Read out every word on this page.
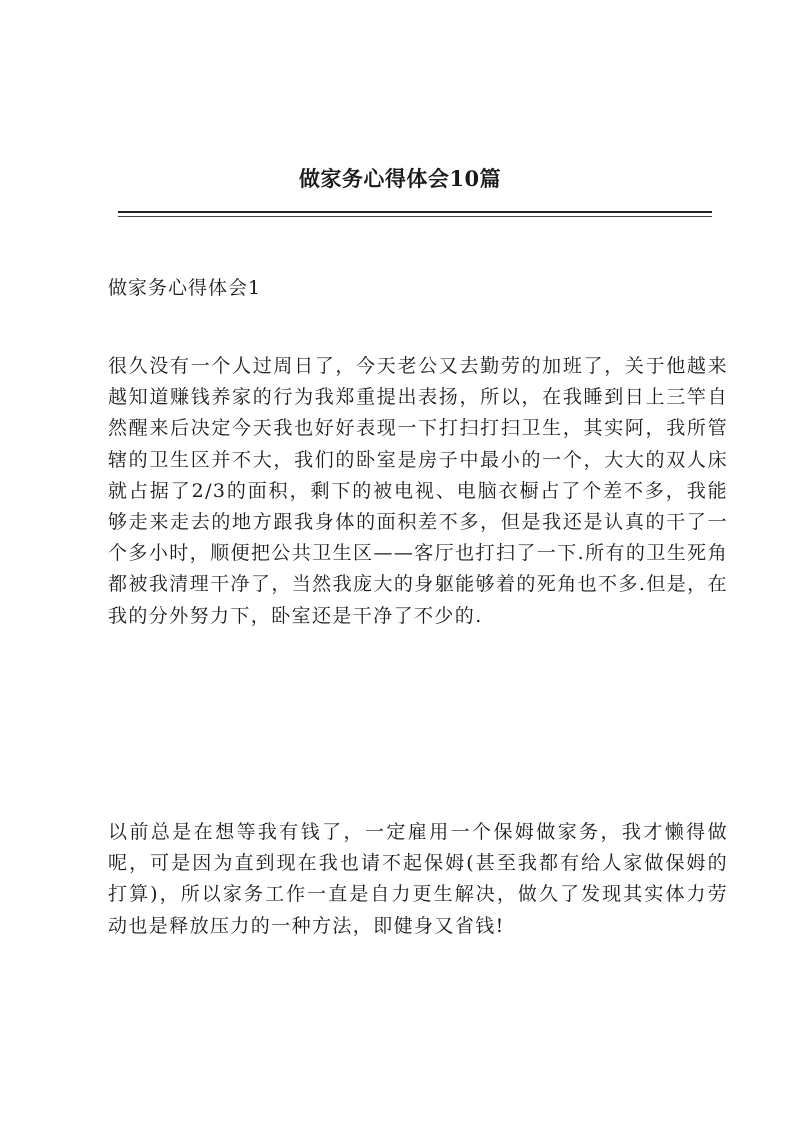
做家务心得体会10篇
做家务心得体会1

很久没有一个人过周日了，今天老公又去勤劳的加班了，关于他越来越知道赚钱养家的行为我郑重提出表扬，所以，在我睡到日上三竿自然醒来后决定今天我也好好表现一下打扫打扫卫生，其实阿，我所管辖的卫生区并不大，我们的卧室是房子中最小的一个，大大的双人床就占据了2/3的面积，剩下的被电视、电脑衣橱占了个差不多，我能够走来走去的地方跟我身体的面积差不多，但是我还是认真的干了一个多小时，顺便把公共卫生区——客厅也打扫了一下.所有的卫生死角都被我清理干净了，当然我庞大的身躯能够着的死角也不多.但是，在我的分外努力下，卧室还是干净了不少的.

以前总是在想等我有钱了，一定雇用一个保姆做家务，我才懒得做呢，可是因为直到现在我也请不起保姆(甚至我都有给人家做保姆的打算)，所以家务工作一直是自力更生解决，做久了发现其实体力劳动也是释放压力的一种方法，即健身又省钱!
